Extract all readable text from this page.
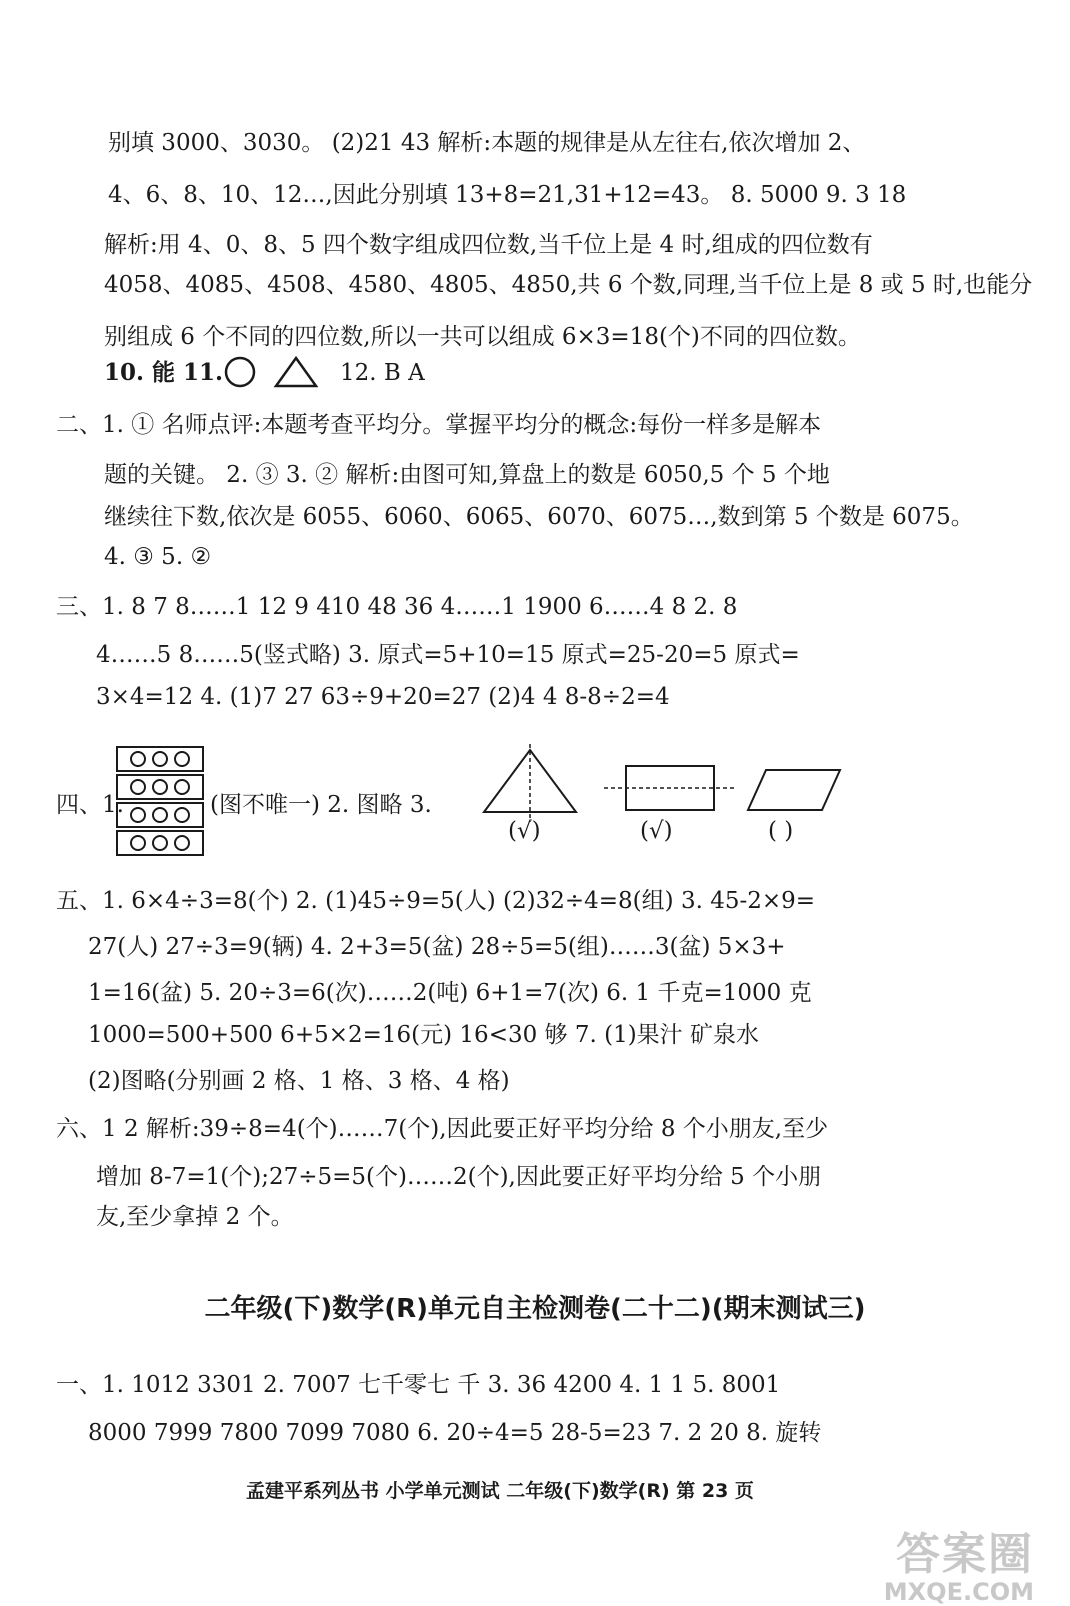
别填 3000、3030。 (2)21 43 解析:本题的规律是从左往右,依次增加 2、
4、6、8、10、12…,因此分别填 13+8=21,31+12=43。 8. 5000 9. 3 18
解析:用 4、0、8、5 四个数字组成四位数,当千位上是 4 时,组成的四位数有
4058、4085、4508、4580、4805、4850,共 6 个数,同理,当千位上是 8 或 5 时,也能分
别组成 6 个不同的四位数,所以一共可以组成 6×3=18(个)不同的四位数。
10. 能 11.	12. B A
二、1. ① 名师点评:本题考查平均分。掌握平均分的概念:每份一样多是解本
题的关键。 2. ③ 3. ② 解析:由图可知,算盘上的数是 6050,5 个 5 个地
继续往下数,依次是 6055、6060、6065、6070、6075…,数到第 5 个数是 6075。
4. ③ 5. ②
三、1. 8 7 8……1 12 9 410 48 36 4……1 1900 6……4 8 2. 8
4……5 8……5(竖式略) 3. 原式=5+10=15 原式=25-20=5 原式=
3×4=12 4. (1)7 27 63÷9+20=27 (2)4 4 8-8÷2=4
四、1.	(图不唯一) 2. 图略 3.
(√)	(√)	( )
五、1. 6×4÷3=8(个) 2. (1)45÷9=5(人) (2)32÷4=8(组) 3. 45-2×9=
27(人) 27÷3=9(辆) 4. 2+3=5(盆) 28÷5=5(组)……3(盆) 5×3+
1=16(盆) 5. 20÷3=6(次)……2(吨) 6+1=7(次) 6. 1 千克=1000 克
1000=500+500 6+5×2=16(元) 16<30 够 7. (1)果汁 矿泉水
(2)图略(分别画 2 格、1 格、3 格、4 格)
六、1 2 解析:39÷8=4(个)……7(个),因此要正好平均分给 8 个小朋友,至少
增加 8-7=1(个);27÷5=5(个)……2(个),因此要正好平均分给 5 个小朋
友,至少拿掉 2 个。
二年级(下)数学(R)单元自主检测卷(二十二)(期末测试三)
一、1. 1012 3301 2. 7007 七千零七 千 3. 36 4200 4. 1 1 5. 8001
8000 7999 7800 7099 7080 6. 20÷4=5 28-5=23 7. 2 20 8. 旋转
孟建平系列丛书 小学单元测试 二年级(下)数学(R) 第 23 页
答案圈
MXQE.COM
